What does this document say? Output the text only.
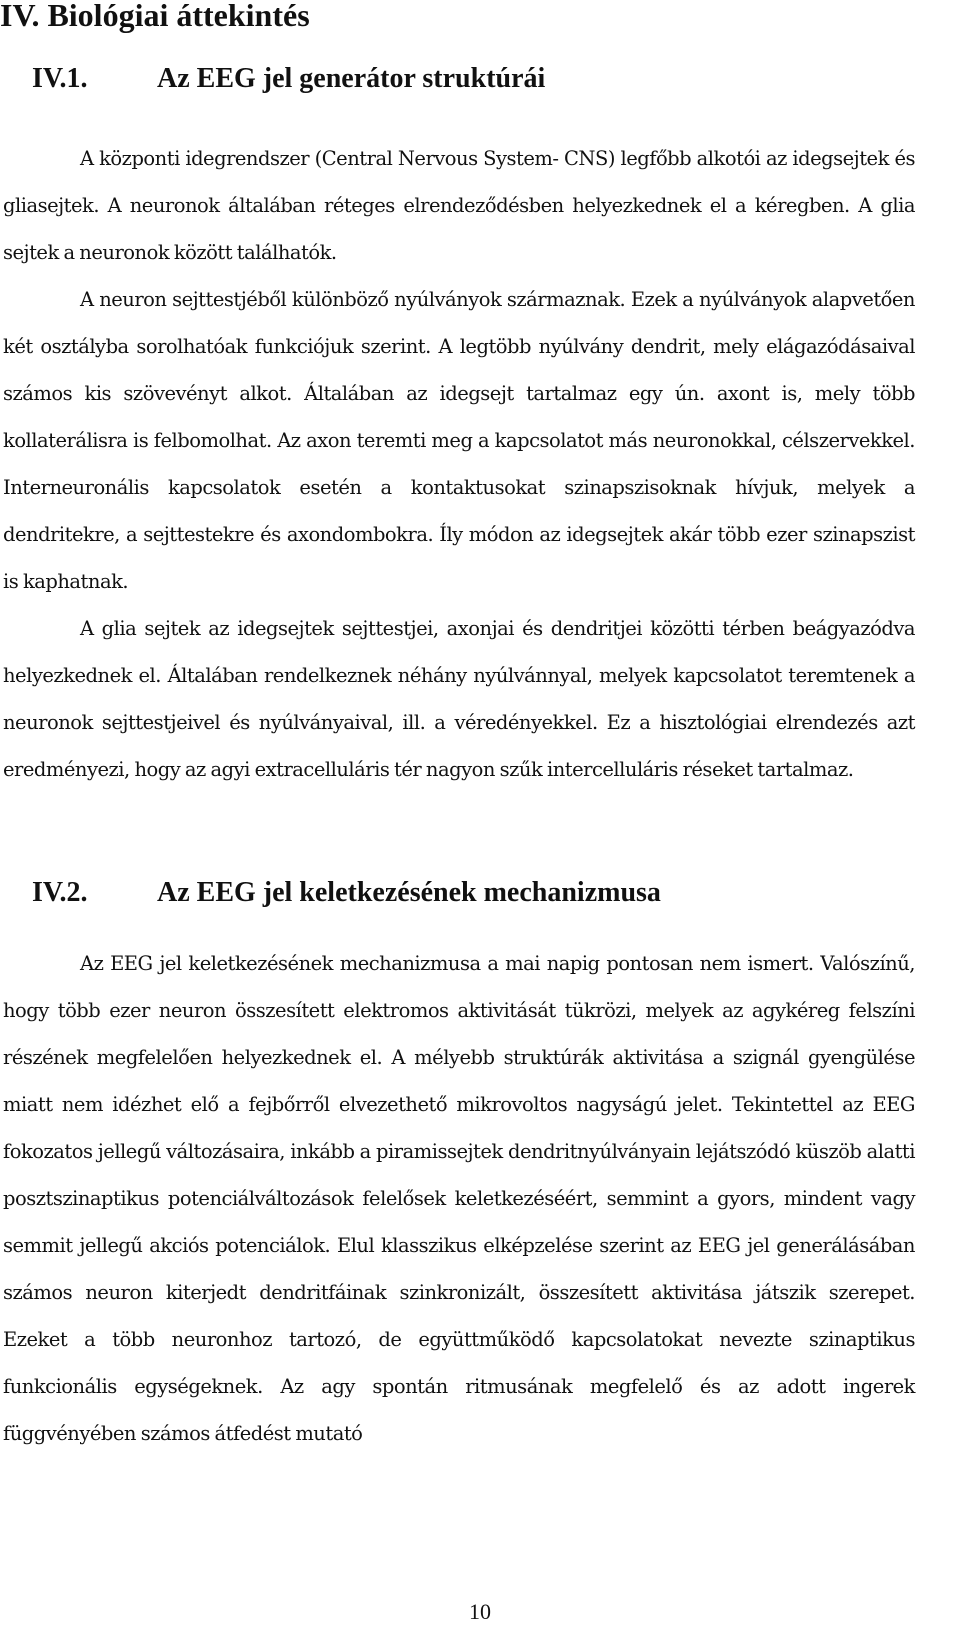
IV. Biológiai áttekintés
IV.1. Az EEG jel generátor struktúrái

A központi idegrendszer (Central Nervous System- CNS) legfőbb alkotói az idegsejtek és gliasejtek. A neuronok általában réteges elrendeződésben helyezkednek el a kéregben. A glia sejtek a neuronok között találhatók.

A neuron sejttestjéből különböző nyúlványok származnak. Ezek a nyúlványok alapvetően két osztályba sorolhatóak funkciójuk szerint. A legtöbb nyúlvány dendrit, mely elágazódásaival számos kis szövevényt alkot. Általában az idegsejt tartalmaz egy ún. axont is, mely több kollaterálisra is felbomolhat. Az axon teremti meg a kapcsolatot más neuronokkal, célszervekkel. Interneuronális kapcsolatok esetén a kontaktusokat szinapszisoknak hívjuk, melyek a dendritekre, a sejttestekre és axondombokra. Íly módon az idegsejtek akár több ezer szinapszist is kaphatnak.

A glia sejtek az idegsejtek sejttestjei, axonjai és dendritjei közötti térben beágyazódva helyezkednek el. Általában rendelkeznek néhány nyúlvánnyal, melyek kapcsolatot teremtenek a neuronok sejttestjeivel és nyúlványaival, ill. a véredényekkel. Ez a hisztológiai elrendezés azt eredményezi, hogy az agyi extracelluláris tér nagyon szűk intercelluláris réseket tartalmaz.

IV.2. Az EEG jel keletkezésének mechanizmusa

Az EEG jel keletkezésének mechanizmusa a mai napig pontosan nem ismert. Valószínű, hogy több ezer neuron összesített elektromos aktivitását tükrözi, melyek az agykéreg felszíni részének megfelelően helyezkednek el. A mélyebb struktúrák aktivitása a szignál gyengülése miatt nem idézhet elő a fejbőrről elvezethető mikrovoltos nagyságú jelet. Tekintettel az EEG fokozatos jellegű változásaira, inkább a piramissejtek dendritnyúlványain lejátszódó küszöb alatti posztszinaptikus potenciálváltozások felelősek keletkezéséért, semmint a gyors, mindent vagy semmit jellegű akciós potenciálok. Elul klasszikus elképzelése szerint az EEG jel generálásában számos neuron kiterjedt dendritfáinak szinkronizált, összesített aktivitása játszik szerepet. Ezeket a több neuronhoz tartozó, de együttműködő kapcsolatokat nevezte szinaptikus funkcionális egységeknek. Az agy spontán ritmusának megfelelő és az adott ingerek függvényében számos átfedést mutató

10
